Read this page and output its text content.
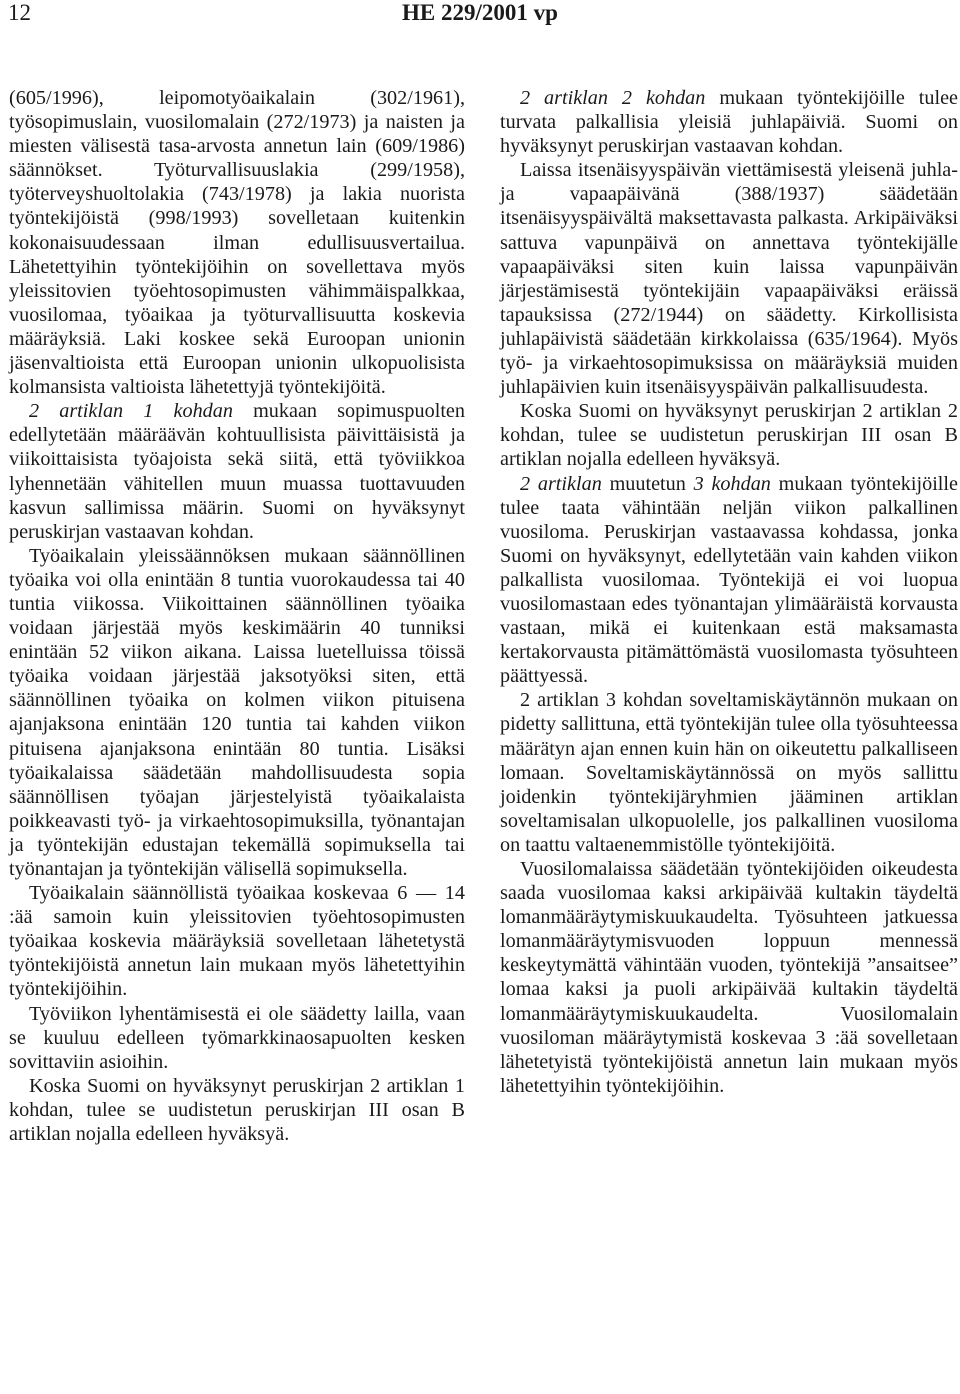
12	HE 229/2001 vp

(605/1996), leipomotyöaikalain (302/1961), työsopimuslain, vuosilomalain (272/1973) ja naisten ja miesten välisestä tasa-arvosta annetun lain (609/1986) säännökset. Työturvallisuuslakia (299/1958), työterveyshuoltolakia (743/1978) ja lakia nuorista työntekijöistä (998/1993) sovelletaan kuitenkin kokonaisuudessaan ilman edullisuusvertailua. Lähetettyihin työntekijöihin on sovellettava myös yleissitovien työehtosopimusten vähimmäispalkkaa, vuosilomaa, työaikaa ja työturvallisuutta koskevia määräyksiä. Laki koskee sekä Euroopan unionin jäsenvaltioista että Euroopan unionin ulkopuolisista kolmansista valtioista lähetettyjä työntekijöitä.

2 artiklan 1 kohdan mukaan sopimuspuolten edellytetään määräävän kohtuullisista päivittäisistä ja viikoittaisista työajoista sekä siitä, että työviikkoa lyhennetään vähitellen muun muassa tuottavuuden kasvun sallimissa määrin. Suomi on hyväksynyt peruskirjan vastaavan kohdan.

Työaikalain yleissäännöksen mukaan säännöllinen työaika voi olla enintään 8 tuntia vuorokaudessa tai 40 tuntia viikossa. Viikoittainen säännöllinen työaika voidaan järjestää myös keskimäärin 40 tunniksi enintään 52 viikon aikana. Laissa luetelluissa töissä työaika voidaan järjestää jaksotyöksi siten, että säännöllinen työaika on kolmen viikon pituisena ajanjaksona enintään 120 tuntia tai kahden viikon pituisena ajanjaksona enintään 80 tuntia. Lisäksi työaikalaissa säädetään mahdollisuudesta sopia säännöllisen työajan järjestelyistä työaikalaista poikkeavasti työ- ja virkaehtosopimuksilla, työnantajan ja työntekijän edustajan tekemällä sopimuksella tai työnantajan ja työntekijän välisellä sopimuksella.

Työaikalain säännöllistä työaikaa koskevaa 6 — 14 :ää samoin kuin yleissitovien työehtosopimusten työaikaa koskevia määräyksiä sovelletaan lähetetystä työntekijöistä annetun lain mukaan myös lähetettyihin työntekijöihin.

Työviikon lyhentämisestä ei ole säädetty lailla, vaan se kuuluu edelleen työmarkkinaosapuolten kesken sovittaviin asioihin.

Koska Suomi on hyväksynyt peruskirjan 2 artiklan 1 kohdan, tulee se uudistetun peruskirjan III osan B artiklan nojalla edelleen hyväksyä.

2 artiklan 2 kohdan mukaan työntekijöille tulee turvata palkallisia yleisiä juhlapäiviä. Suomi on hyväksynyt peruskirjan vastaavan kohdan.

Laissa itsenäisyyspäivän viettämisestä yleisenä juhla- ja vapaapäivänä (388/1937) säädetään itsenäisyyspäivältä maksettavasta palkasta. Arkipäiväksi sattuva vapunpäivä on annettava työntekijälle vapaapäiväksi siten kuin laissa vapunpäivän järjestämisestä työntekijäin vapaapäiväksi eräissä tapauksissa (272/1944) on säädetty. Kirkollisista juhlapäivistä säädetään kirkkolaissa (635/1964). Myös työ- ja virkaehtosopimuksissa on määräyksiä muiden juhlapäivien kuin itsenäisyyspäivän palkallisuudesta.

Koska Suomi on hyväksynyt peruskirjan 2 artiklan 2 kohdan, tulee se uudistetun peruskirjan III osan B artiklan nojalla edelleen hyväksyä.

2 artiklan muutetun 3 kohdan mukaan työntekijöille tulee taata vähintään neljän viikon palkallinen vuosiloma. Peruskirjan vastaavassa kohdassa, jonka Suomi on hyväksynyt, edellytetään vain kahden viikon palkallista vuosilomaa. Työntekijä ei voi luopua vuosilomastaan edes työnantajan ylimääräistä korvausta vastaan, mikä ei kuitenkaan estä maksamasta kertakorvausta pitämättömästä vuosilomasta työsuhteen päättyessä.

2 artiklan 3 kohdan soveltamiskäytännön mukaan on pidetty sallittuna, että työntekijän tulee olla työsuhteessa määrätyn ajan ennen kuin hän on oikeutettu palkalliseen lomaan. Soveltamiskäytännössä on myös sallittu joidenkin työntekijäryhmien jääminen artiklan soveltamisalan ulkopuolelle, jos palkallinen vuosiloma on taattu valtaenemmistölle työntekijöitä.

Vuosilomalaissa säädetään työntekijöiden oikeudesta saada vuosilomaa kaksi arkipäivää kultakin täydeltä lomanmääräytymiskuukaudelta. Työsuhteen jatkuessa lomanmääräytymisvuoden loppuun mennessä keskeytymättä vähintään vuoden, työntekijä ”ansaitsee” lomaa kaksi ja puoli arkipäivää kultakin täydeltä lomanmääräytymiskuukaudelta. Vuosilomalain vuosiloman määräytymistä koskevaa 3 :ää sovelletaan lähetetyistä työntekijöistä annetun lain mukaan myös lähetettyihin työntekijöihin.
